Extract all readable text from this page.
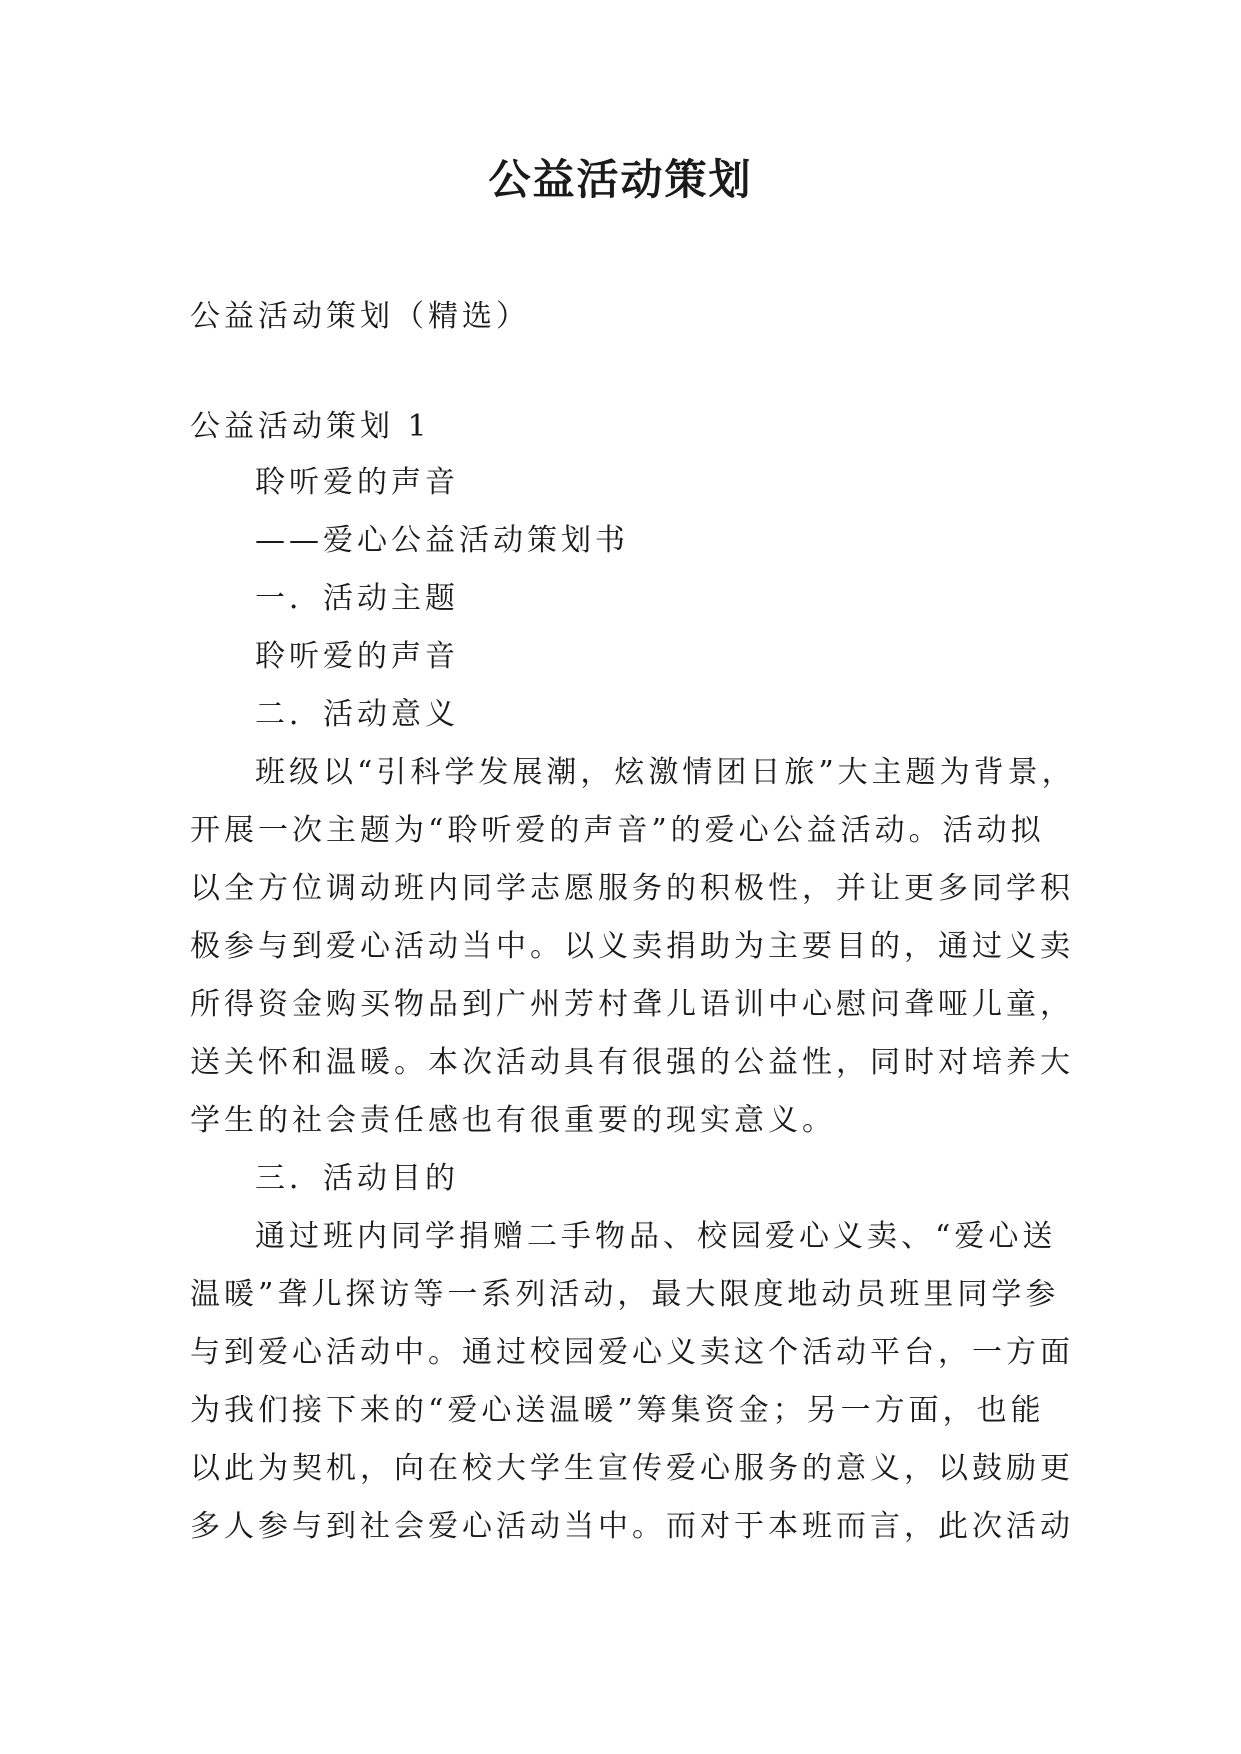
公益活动策划

公益活动策划（精选）

公益活动策划 1

聆听爱的声音

——爱心公益活动策划书

一．活动主题

聆听爱的声音

二．活动意义

班级以“引科学发展潮，炫激情团日旅”大主题为背景，
开展一次主题为“聆听爱的声音”的爱心公益活动。活动拟
以全方位调动班内同学志愿服务的积极性，并让更多同学积
极参与到爱心活动当中。以义卖捐助为主要目的，通过义卖
所得资金购买物品到广州芳村聋儿语训中心慰问聋哑儿童，
送关怀和温暖。本次活动具有很强的公益性，同时对培养大
学生的社会责任感也有很重要的现实意义。

三．活动目的

通过班内同学捐赠二手物品、校园爱心义卖、“爱心送
温暖”聋儿探访等一系列活动，最大限度地动员班里同学参
与到爱心活动中。通过校园爱心义卖这个活动平台，一方面
为我们接下来的“爱心送温暖”筹集资金；另一方面，也能
以此为契机，向在校大学生宣传爱心服务的意义，以鼓励更
多人参与到社会爱心活动当中。而对于本班而言，此次活动
